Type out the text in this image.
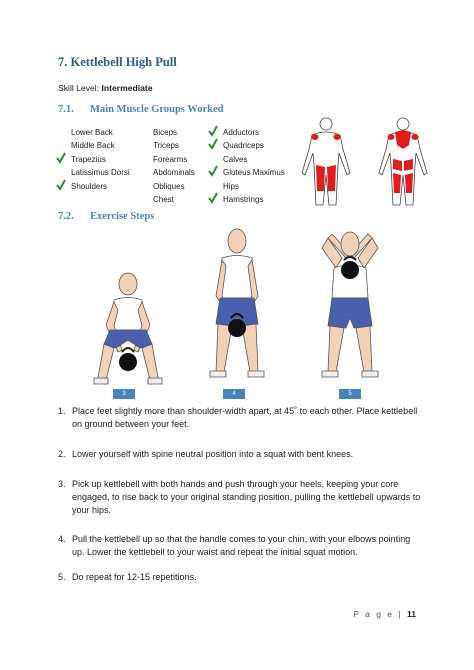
7. Kettlebell High Pull
Skill Level: Intermediate
7.1. Main Muscle Groups Worked
Lower Back
Middle Back
Trapezius
Latissimus Dorsi
Shoulders
Biceps
Triceps
Forearms
Abdominals
Obliques
Chest
Adductors
Quadriceps
Calves
Gluteus Maximus
Hips
Hamstrings
7.2. Exercise Steps
3	4	5
1. Place feet slightly more than shoulder-width apart, at 45˚ to each other. Place kettlebell
on ground between your feet.
2. Lower yourself with spine neutral position into a squat with bent knees.
3. Pick up kettlebell with both hands and push through your heels, keeping your core
engaged, to rise back to your original standing position, pulling the kettlebell upwards to
your hips.
4. Pull the kettlebell up so that the handle comes to your chin, with your elbows pointing
up. Lower the kettlebell to your waist and repeat the initial squat motion.
5. Do repeat for 12-15 repetitions.
P a g e | 11
